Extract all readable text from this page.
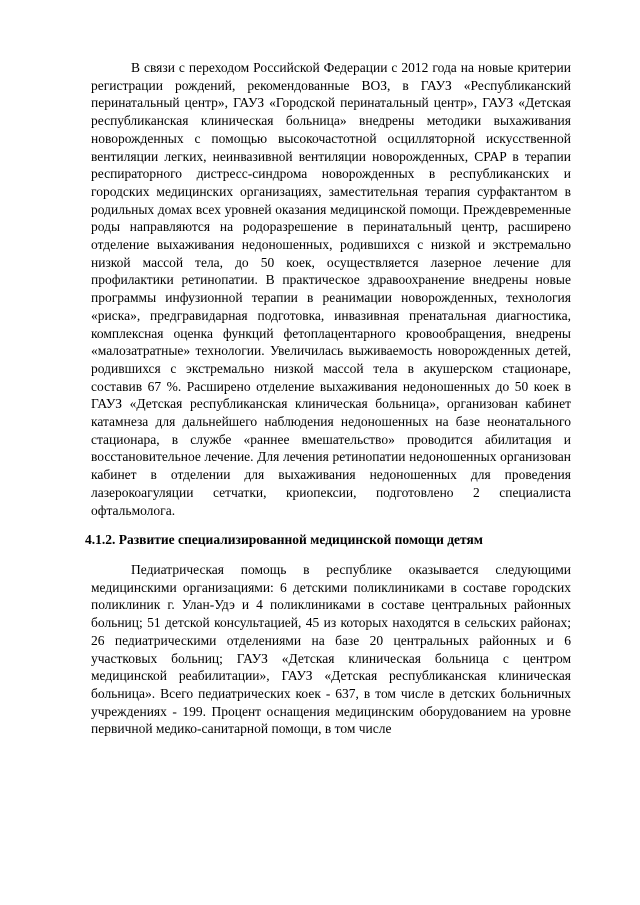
В связи с переходом Российской Федерации с 2012 года на новые критерии регистрации рождений, рекомендованные ВОЗ, в ГАУЗ «Республиканский перинатальный центр», ГАУЗ «Городской перинатальный центр», ГАУЗ «Детская республиканская клиническая больница» внедрены методики выхаживания новорожденных с помощью высокочастотной осцилляторной искусственной вентиляции легких, неинвазивной вентиляции новорожденных, CPAP в терапии респираторного дистресс-синдрома новорожденных в республиканских и городских медицинских организациях, заместительная терапия сурфактантом в родильных домах всех уровней оказания медицинской помощи. Преждевременные роды направляются на родоразрешение в перинатальный центр, расширено отделение выхаживания недоношенных, родившихся с низкой и экстремально низкой массой тела, до 50 коек, осуществляется лазерное лечение для профилактики ретинопатии. В практическое здравоохранение внедрены новые программы инфузионной терапии в реанимации новорожденных, технология «риска», предгравидарная подготовка, инвазивная пренатальная диагностика, комплексная оценка функций фетоплацентарного кровообращения, внедрены «малозатратные» технологии. Увеличилась выживаемость новорожденных детей, родившихся с экстремально низкой массой тела в акушерском стационаре, составив 67 %. Расширено отделение выхаживания недоношенных до 50 коек в ГАУЗ «Детская республиканская клиническая больница», организован кабинет катамнеза для дальнейшего наблюдения недоношенных на базе неонатального стационара, в службе «раннее вмешательство» проводится абилитация и восстановительное лечение. Для лечения ретинопатии недоношенных организован кабинет в отделении для выхаживания недоношенных для проведения лазерокоагуляции сетчатки, криопексии, подготовлено 2 специалиста офтальмолога.

4.1.2. Развитие специализированной медицинской помощи детям

Педиатрическая помощь в республике оказывается следующими медицинскими организациями: 6 детскими поликлиниками в составе городских поликлиник г. Улан-Удэ и 4 поликлиниками в составе центральных районных больниц; 51 детской консультацией, 45 из которых находятся в сельских районах; 26 педиатрическими отделениями на базе 20 центральных районных и 6 участковых больниц; ГАУЗ «Детская клиническая больница с центром медицинской реабилитации», ГАУЗ «Детская республиканская клиническая больница». Всего педиатрических коек - 637, в том числе в детских больничных учреждениях - 199. Процент оснащения медицинским оборудованием на уровне первичной медико-санитарной помощи, в том числе
